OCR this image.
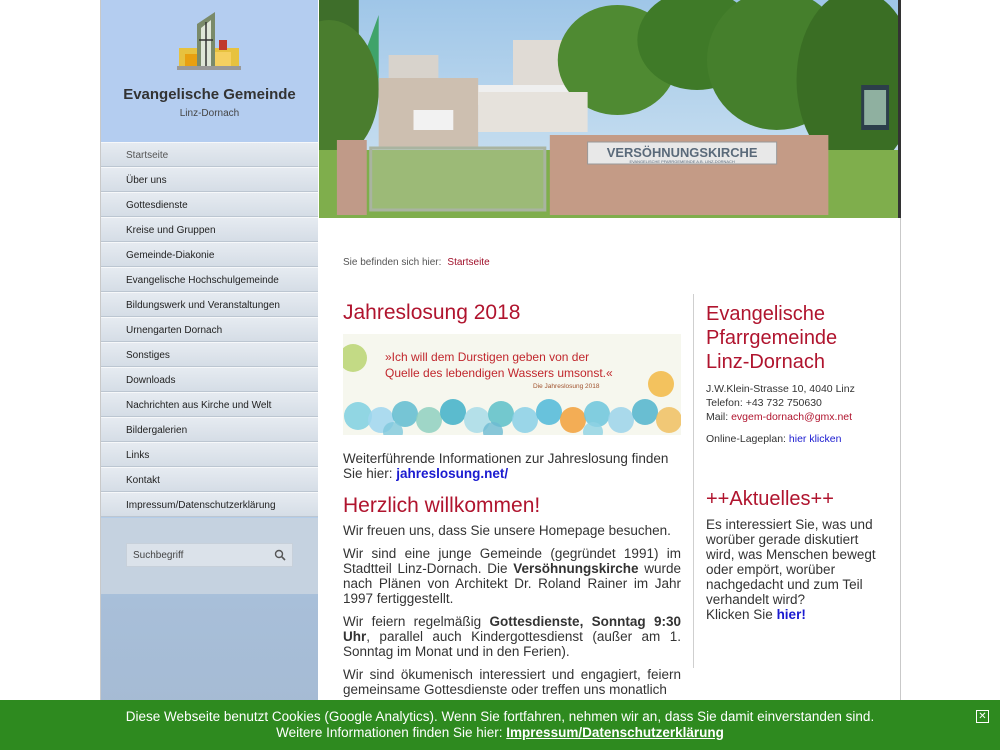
Evangelische Gemeinde
Linz-Dornach
Startseite
Über uns
Gottesdienste
Kreise und Gruppen
Gemeinde-Diakonie
Evangelische Hochschulgemeinde
Bildungswerk und Veranstaltungen
Urnengarten Dornach
Sonstiges
Downloads
Nachrichten aus Kirche und Welt
Bildergalerien
Links
Kontakt
Impressum/Datenschutzerklärung
Suchbegriff
VERSÖHNUNGSKIRCHE
EVANGELISCHE PFARRGEMEINDE A.B. LINZ-DORNACH
Sie befinden sich hier: Startseite
Jahreslosung 2018
»Ich will dem Durstigen geben von der
Quelle des lebendigen Wassers umsonst.«
Die Jahreslosung 2018

Weiterführende Informationen zur Jahreslosung finden Sie hier: jahreslosung.net/

Herzlich willkommen!

Wir freuen uns, dass Sie unsere Homepage besuchen.

Wir sind eine junge Gemeinde (gegründet 1991) im Stadtteil Linz-Dornach. Die Versöhnungskirche wurde nach Plänen von Architekt Dr. Roland Rainer im Jahr 1997 fertiggestellt.

Wir feiern regelmäßig Gottesdienste, Sonntag 9:30 Uhr, parallel auch Kindergottesdienst (außer am 1. Sonntag im Monat und in den Ferien).

Wir sind ökumenisch interessiert und engagiert, feiern gemeinsame Gottesdienste oder treffen uns monatlich

Evangelische Pfarrgemeinde Linz-Dornach
J.W.Klein-Strasse 10, 4040 Linz
Telefon: +43 732 750630
Mail: evgem-dornach@gmx.net
Online-Lageplan: hier klicken
++Aktuelles++

Es interessiert Sie, was und worüber gerade diskutiert wird, was Menschen bewegt oder empört, worüber nachgedacht und zum Teil verhandelt wird?
Klicken Sie hier!

Diese Webseite benutzt Cookies (Google Analytics). Wenn Sie fortfahren, nehmen wir an, dass Sie damit einverstanden sind.
Weitere Informationen finden Sie hier: Impressum/Datenschutzerklärung
✕
